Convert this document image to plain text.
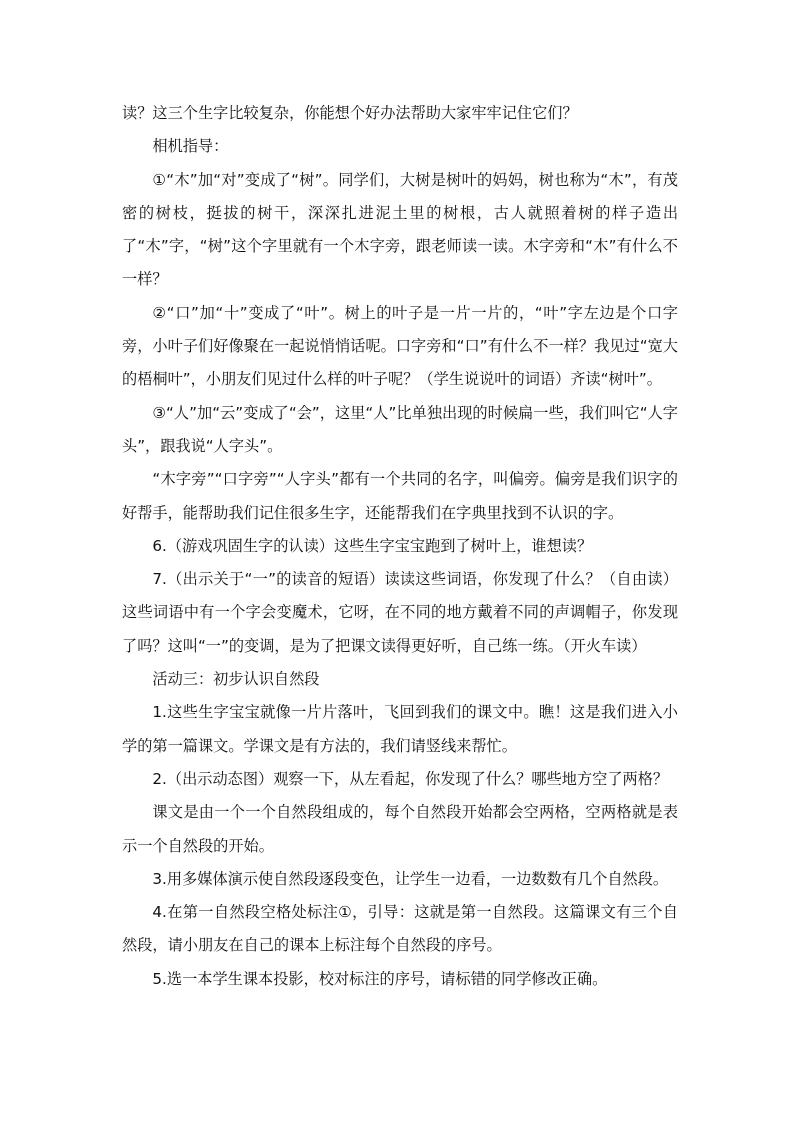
读？这三个生字比较复杂，你能想个好办法帮助大家牢牢记住它们？

相机指导：

①“木”加“对”变成了“树”。同学们，大树是树叶的妈妈，树也称为“木”，有茂密的树枝，挺拔的树干，深深扎进泥土里的树根，古人就照着树的样子造出了“木”字，“树”这个字里就有一个木字旁，跟老师读一读。木字旁和“木”有什么不一样？

②“口”加“十”变成了“叶”。树上的叶子是一片一片的，“叶”字左边是个口字旁，小叶子们好像聚在一起说悄悄话呢。口字旁和“口”有什么不一样？我见过“宽大的梧桐叶”，小朋友们见过什么样的叶子呢？（学生说说叶的词语）齐读“树叶”。

③“人”加“云”变成了“会”，这里“人”比单独出现的时候扁一些，我们叫它“人字头”，跟我说“人字头”。

“木字旁”“口字旁”“人字头”都有一个共同的名字，叫偏旁。偏旁是我们识字的好帮手，能帮助我们记住很多生字，还能帮我们在字典里找到不认识的字。

6.（游戏巩固生字的认读）这些生字宝宝跑到了树叶上，谁想读？

7.（出示关于“一”的读音的短语）读读这些词语，你发现了什么？（自由读）这些词语中有一个字会变魔术，它呀，在不同的地方戴着不同的声调帽子，你发现了吗？这叫“一”的变调，是为了把课文读得更好听，自己练一练。（开火车读）

活动三：初步认识自然段

1.这些生字宝宝就像一片片落叶，飞回到我们的课文中。瞧！这是我们进入小学的第一篇课文。学课文是有方法的，我们请竖线来帮忙。

2.（出示动态图）观察一下，从左看起，你发现了什么？哪些地方空了两格？

课文是由一个一个自然段组成的，每个自然段开始都会空两格，空两格就是表示一个自然段的开始。

3.用多媒体演示使自然段逐段变色，让学生一边看，一边数数有几个自然段。

4.在第一自然段空格处标注①，引导：这就是第一自然段。这篇课文有三个自然段，请小朋友在自己的课本上标注每个自然段的序号。

5.选一本学生课本投影，校对标注的序号，请标错的同学修改正确。
